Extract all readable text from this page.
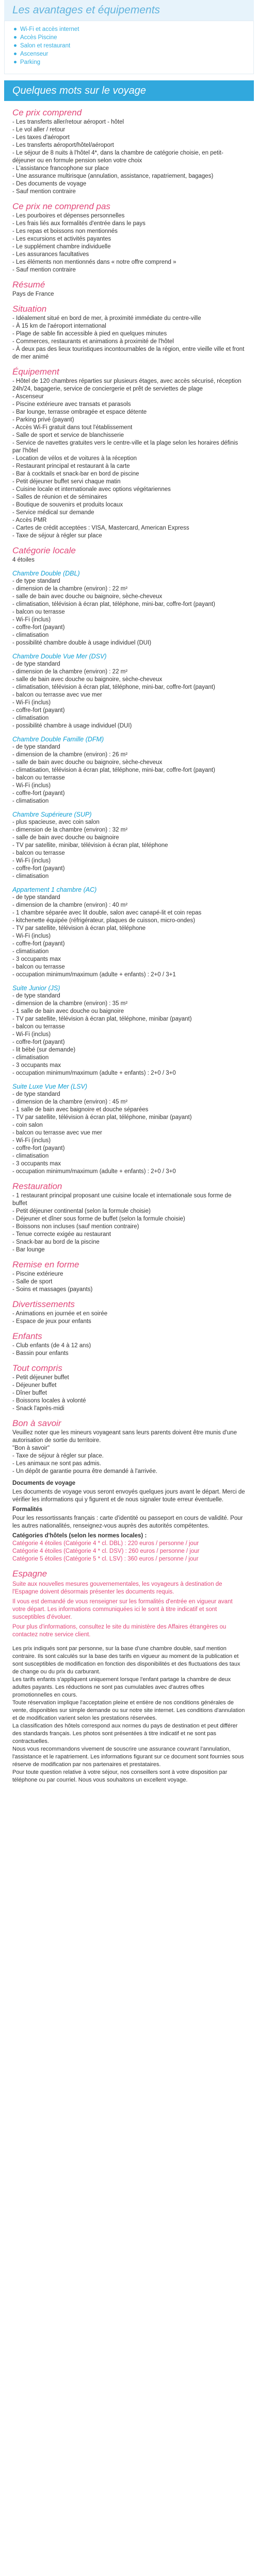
Les avantages et équipements
Wi-Fi et accès internet
Accès Piscine
Salon et restaurant
Ascenseur
Parking
Quelques mots sur le voyage
Ce prix comprend

- Les transferts aller/retour aéroport - hôtel

- Le vol aller / retour

- Les taxes d'aéroport

- Les transferts aéroport/hôtel/aéroport

- Le séjour de 8 nuits à l'hôtel 4*, dans la chambre de catégorie choisie, en petit-déjeuner ou en formule pension selon votre choix

- L'assistance francophone sur place

- Une assurance multirisque (annulation, assistance, rapatriement, bagages)

- Des documents de voyage

- Sauf mention contraire

Ce prix ne comprend pas

- Les pourboires et dépenses personnelles

- Les frais liés aux formalités d'entrée dans le pays

- Les repas et boissons non mentionnés

- Les excursions et activités payantes

- Le supplément chambre individuelle

- Les assurances facultatives

- Les éléments non mentionnés dans « notre offre comprend »

- Sauf mention contraire

Résumé

Pays de France

Situation

- Idéalement situé en bord de mer, à proximité immédiate du centre-ville

- À 15 km de l'aéroport international

- Plage de sable fin accessible à pied en quelques minutes

- Commerces, restaurants et animations à proximité de l'hôtel

- À deux pas des lieux touristiques incontournables de la région, entre vieille ville et front de mer animé

Équipement

- Hôtel de 120 chambres réparties sur plusieurs étages, avec accès sécurisé, réception 24h/24, bagagerie, service de conciergerie et prêt de serviettes de plage

- Ascenseur

- Piscine extérieure avec transats et parasols

- Bar lounge, terrasse ombragée et espace détente

- Parking privé (payant)

- Accès Wi-Fi gratuit dans tout l'établissement

- Salle de sport et service de blanchisserie

- Service de navettes gratuites vers le centre-ville et la plage selon les horaires définis par l'hôtel

- Location de vélos et de voitures à la réception

- Restaurant principal et restaurant à la carte

- Bar à cocktails et snack-bar en bord de piscine

- Petit déjeuner buffet servi chaque matin

- Cuisine locale et internationale avec options végétariennes

- Salles de réunion et de séminaires

- Boutique de souvenirs et produits locaux

- Service médical sur demande

- Accès PMR

- Cartes de crédit acceptées : VISA, Mastercard, American Express

- Taxe de séjour à régler sur place

Catégorie locale

4 étoiles

Chambre Double (DBL)

- de type standard

- dimension de la chambre (environ) : 22 m²

- salle de bain avec douche ou baignoire, sèche-cheveux

- climatisation, télévision à écran plat, téléphone, mini-bar, coffre-fort (payant)

- balcon ou terrasse

- Wi-Fi (inclus)

- coffre-fort (payant)

- climatisation

- possibilité chambre double à usage individuel (DUI)

Chambre Double Vue Mer (DSV)

- de type standard

- dimension de la chambre (environ) : 22 m²

- salle de bain avec douche ou baignoire, sèche-cheveux

- climatisation, télévision à écran plat, téléphone, mini-bar, coffre-fort (payant)

- balcon ou terrasse avec vue mer

- Wi-Fi (inclus)

- coffre-fort (payant)

- climatisation

- possibilité chambre à usage individuel (DUI)

Chambre Double Famille (DFM)

- de type standard

- dimension de la chambre (environ) : 26 m²

- salle de bain avec douche ou baignoire, sèche-cheveux

- climatisation, télévision à écran plat, téléphone, mini-bar, coffre-fort (payant)

- balcon ou terrasse

- Wi-Fi (inclus)

- coffre-fort (payant)

- climatisation

Chambre Supérieure (SUP)

- plus spacieuse, avec coin salon

- dimension de la chambre (environ) : 32 m²

- salle de bain avec douche ou baignoire

- TV par satellite, minibar, télévision à écran plat, téléphone

- balcon ou terrasse

- Wi-Fi (inclus)

- coffre-fort (payant)

- climatisation

Appartement 1 chambre (AC)

- de type standard

- dimension de la chambre (environ) : 40 m²

- 1 chambre séparée avec lit double, salon avec canapé-lit et coin repas

- kitchenette équipée (réfrigérateur, plaques de cuisson, micro-ondes)

- TV par satellite, télévision à écran plat, téléphone

- Wi-Fi (inclus)

- coffre-fort (payant)

- climatisation

- 3 occupants max

- balcon ou terrasse

- occupation minimum/maximum (adulte + enfants) : 2+0 / 3+1

Suite Junior (JS)

- de type standard

- dimension de la chambre (environ) : 35 m²

- 1 salle de bain avec douche ou baignoire

- TV par satellite, télévision à écran plat, téléphone, minibar (payant)

- balcon ou terrasse

- Wi-Fi (inclus)

- coffre-fort (payant)

- lit bébé (sur demande)

- climatisation

- 3 occupants max

- occupation minimum/maximum (adulte + enfants) : 2+0 / 3+0

Suite Luxe Vue Mer (LSV)

- de type standard

- dimension de la chambre (environ) : 45 m²

- 1 salle de bain avec baignoire et douche séparées

- TV par satellite, télévision à écran plat, téléphone, minibar (payant)

- coin salon

- balcon ou terrasse avec vue mer

- Wi-Fi (inclus)

- coffre-fort (payant)

- climatisation

- 3 occupants max

- occupation minimum/maximum (adulte + enfants) : 2+0 / 3+0

Restauration

- 1 restaurant principal proposant une cuisine locale et internationale sous forme de buffet

- Petit déjeuner continental (selon la formule choisie)

- Déjeuner et dîner sous forme de buffet (selon la formule choisie)

- Boissons non incluses (sauf mention contraire)

- Tenue correcte exigée au restaurant

- Snack-bar au bord de la piscine

- Bar lounge

Remise en forme

- Piscine extérieure

- Salle de sport

- Soins et massages (payants)

Divertissements

- Animations en journée et en soirée

- Espace de jeux pour enfants

Enfants

- Club enfants (de 4 à 12 ans)

- Bassin pour enfants

Tout compris

- Petit déjeuner buffet

- Déjeuner buffet

- Dîner buffet

- Boissons locales à volonté

- Snack l'après-midi

Bon à savoir

Veuillez noter que les mineurs voyageant sans leurs parents doivent être munis d'une autorisation de sortie du territoire.

"Bon à savoir"

- Taxe de séjour à régler sur place.

- Les animaux ne sont pas admis.

- Un dépôt de garantie pourra être demandé à l'arrivée.

Documents de voyage

Les documents de voyage vous seront envoyés quelques jours avant le départ. Merci de vérifier les informations qui y figurent et de nous signaler toute erreur éventuelle.

Formalités

Pour les ressortissants français : carte d'identité ou passeport en cours de validité. Pour les autres nationalités, renseignez-vous auprès des autorités compétentes.

Catégories d'hôtels (selon les normes locales) :

Catégorie 4 étoiles (Catégorie 4 * cl. DBL) : 220 euros / personne / jour

Catégorie 4 étoiles (Catégorie 4 * cl. DSV) : 260 euros / personne / jour

Catégorie 5 étoiles (Catégorie 5 * cl. LSV) : 360 euros / personne / jour

Espagne

Suite aux nouvelles mesures gouvernementales, les voyageurs à destination de l'Espagne doivent désormais présenter les documents requis.

Il vous est demandé de vous renseigner sur les formalités d'entrée en vigueur avant votre départ. Les informations communiquées ici le sont à titre indicatif et sont susceptibles d'évoluer.

Pour plus d'informations, consultez le site du ministère des Affaires étrangères ou contactez notre service client.

Les prix indiqués sont par personne, sur la base d'une chambre double, sauf mention contraire. Ils sont calculés sur la base des tarifs en vigueur au moment de la publication et sont susceptibles de modification en fonction des disponibilités et des fluctuations des taux de change ou du prix du carburant.

Les tarifs enfants s'appliquent uniquement lorsque l'enfant partage la chambre de deux adultes payants. Les réductions ne sont pas cumulables avec d'autres offres promotionnelles en cours.

Toute réservation implique l'acceptation pleine et entière de nos conditions générales de vente, disponibles sur simple demande ou sur notre site internet. Les conditions d'annulation et de modification varient selon les prestations réservées.

La classification des hôtels correspond aux normes du pays de destination et peut différer des standards français. Les photos sont présentées à titre indicatif et ne sont pas contractuelles.

Nous vous recommandons vivement de souscrire une assurance couvrant l'annulation, l'assistance et le rapatriement. Les informations figurant sur ce document sont fournies sous réserve de modification par nos partenaires et prestataires.

Pour toute question relative à votre séjour, nos conseillers sont à votre disposition par téléphone ou par courriel. Nous vous souhaitons un excellent voyage.
